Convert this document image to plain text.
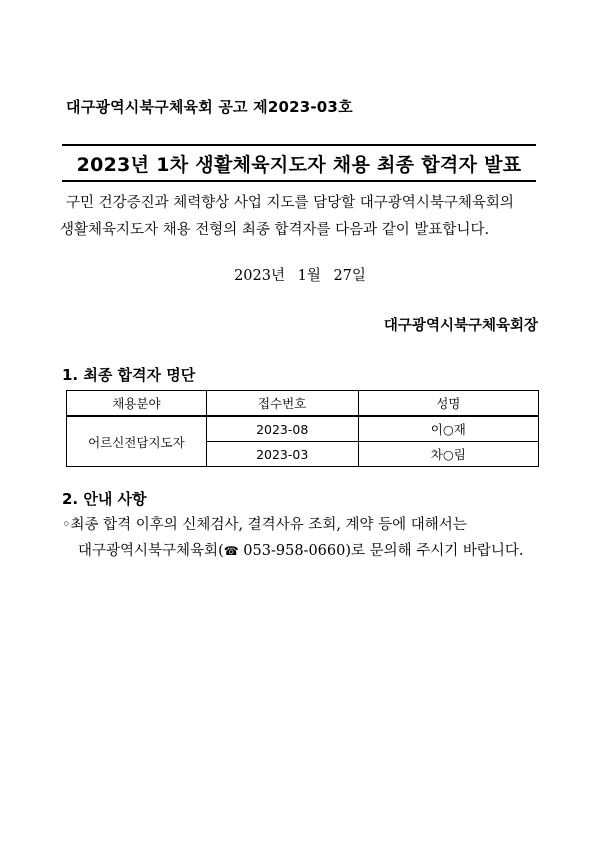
대구광역시북구체육회 공고 제2023-03호
2023년 1차 생활체육지도자 채용 최종 합격자 발표
구민 건강증진과 체력향상 사업 지도를 담당할 대구광역시북구체육회의
생활체육지도자 채용 전형의 최종 합격자를 다음과 같이 발표합니다.
2023년 1월 27일
대구광역시북구체육회장
1. 최종 합격자 명단
채용분야	접수번호	성명
어르신전담지도자	2023-08	이○재
	2023-03	차○림
2. 안내 사항
◦최종 합격 이후의 신체검사, 결격사유 조회, 계약 등에 대해서는
대구광역시북구체육회(☎ 053-958-0660)로 문의해 주시기 바랍니다.
